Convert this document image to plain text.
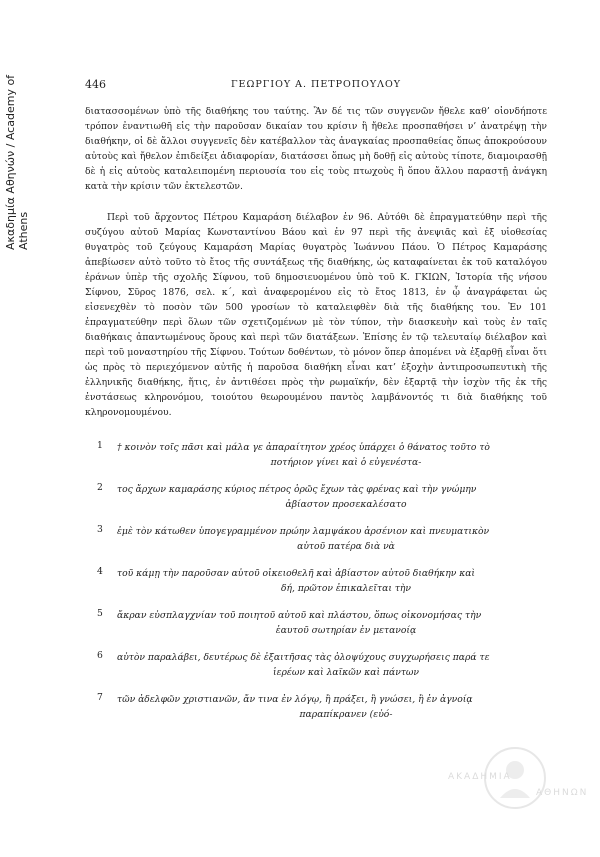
Ακαδημία Αθηνών / Academy of Athens
446	ΓΕΩΡΓΙΟΥ Α. ΠΕΤΡΟΠΟΥΛΟΥ

διατασσομένων ὑπὸ τῆς διαθήκης του ταύτης. Ἂν δέ τις τῶν συγγενῶν ἤθελε καθ’ οἱονδήποτε τρόπον ἐναντιωθῆ εἰς τὴν παροῦσαν δικαίαν του κρίσιν ἢ ἤθελε προσπαθήσει ν’ ἀνατρέψῃ τὴν διαθήκην, οἱ δὲ ἄλλοι συγγενεῖς δὲν κατέβαλλον τὰς ἀναγκαίας προσπαθείας ὅπως ἀποκρούσουν αὐτοὺς καὶ ἤθελον ἐπιδείξει ἀδιαφορίαν, διατάσσει ὅπως μὴ δοθῇ εἰς αὐτοὺς τίποτε, διαμοιρασθῇ δὲ ἡ εἰς αὐτοὺς καταλειπομένη περιουσία του εἰς τοὺς πτωχοὺς ἢ ὅπου ἄλλου παραστῇ ἀνάγκη κατὰ τὴν κρίσιν τῶν ἐκτελεστῶν.

Περὶ τοῦ ἄρχοντος Πέτρου Καμαράση διέλαβον ἐν 96. Αὐτόθι δὲ ἐπραγματεύθην περὶ τῆς συζύγου αὐτοῦ Μαρίας Κωνσταντίνου Βάου καὶ ἐν 97 περὶ τῆς ἀνεψιᾶς καὶ ἐξ υἱοθεσίας θυγατρὸς τοῦ ζεύγους Καμαράση Μαρίας θυγατρὸς Ἰωάννου Πάου. Ὁ Πέτρος Καμαράσης ἀπεβίωσεν αὐτὸ τοῦτο τὸ ἔτος τῆς συντάξεως τῆς διαθήκης, ὡς καταφαίνεται ἐκ τοῦ καταλόγου ἐράνων ὑπὲρ τῆς σχολῆς Σίφνου, τοῦ δημοσιευομένου ὑπὸ τοῦ Κ. ΓΚΙΩΝ, Ἱστορία τῆς νήσου Σίφνου, Σῦρος 1876, σελ. κ΄, καὶ ἀναφερομένου εἰς τὸ ἔτος 1813, ἐν ᾧ ἀναγράφεται ὡς εἰσενεχθὲν τὸ ποσὸν τῶν 500 γροσίων τὸ καταλειφθὲν διὰ τῆς διαθήκης του. Ἐν 101 ἐπραγματεύθην περὶ ὅλων τῶν σχετιζομένων μὲ τὸν τύπον, τὴν διασκευὴν καὶ τοὺς ἐν ταῖς διαθήκαις ἀπαντωμένους ὅρους καὶ περὶ τῶν διατάξεων. Ἐπίσης ἐν τῷ τελευταίῳ διέλαβον καὶ περὶ τοῦ μοναστηρίου τῆς Σίφνου. Τούτων δοθέντων, τὸ μόνον ὅπερ ἀπομένει νὰ ἐξαρθῇ εἶναι ὅτι ὡς πρὸς τὸ περιεχόμενον αὐτῆς ἡ παροῦσα διαθήκη εἶναι κατ’ ἐξοχὴν ἀντιπροσωπευτικὴ τῆς ἑλληνικῆς διαθήκης, ἥτις, ἐν ἀντιθέσει πρὸς τὴν ρωμαϊκήν, δὲν ἐξαρτᾷ τὴν ἰσχὺν τῆς ἐκ τῆς ἐνστάσεως κληρονόμου, τοιούτου θεωρουμένου παντὸς λαμβάνοντός τι διὰ διαθήκης τοῦ κληρονομουμένου.

1	† κοινὸν τοῖς πᾶσι καὶ μάλα γε ἀπαραίτητον χρέος ὑπάρχει ὁ θάνατος τοῦτο τὸ
ποτήριον γίνει καὶ ὁ εὐγενέστα-
2	τος ἄρχων καμαράσης κύριος πέτρος ὁρῶς ἔχων τὰς φρένας καὶ τὴν γνώμην
ἀβίαστον προσεκαλέσατο
3	ἐμὲ τὸν κάτωθεν ὑπογεγραμμένον πρώην λαμψάκου ἀρσένιον καὶ πνευματικὸν
αὐτοῦ πατέρα διὰ νὰ
4	τοῦ κάμῃ τὴν παροῦσαν αὐτοῦ οἰκειοθελῆ καὶ ἀβίαστον αὐτοῦ διαθήκην καὶ
δή, πρῶτον ἐπικαλεῖται τὴν
5	ἄκραν εὐσπλαγχνίαν τοῦ ποιητοῦ αὐτοῦ καὶ πλάστου, ὅπως οἰκονομήσας τὴν
ἑαυτοῦ σωτηρίαν ἐν μετανοίᾳ
6	αὐτὸν παραλάβει, δευτέρως δὲ ἐξαιτῆσας τὰς ὁλοψύχους συγχωρήσεις παρά τε
ἱερέων καὶ λαϊκῶν καὶ πάντων
7	τῶν ἀδελφῶν χριστιανῶν, ἄν τινα ἐν λόγῳ, ἢ πράξει, ἢ γνώσει, ἢ ἐν ἀγνοίᾳ
παραπίκρανεν (εὐό-
ΑΚΑΔΗΜΙΑ
ΑΘΗΝΩΝ
